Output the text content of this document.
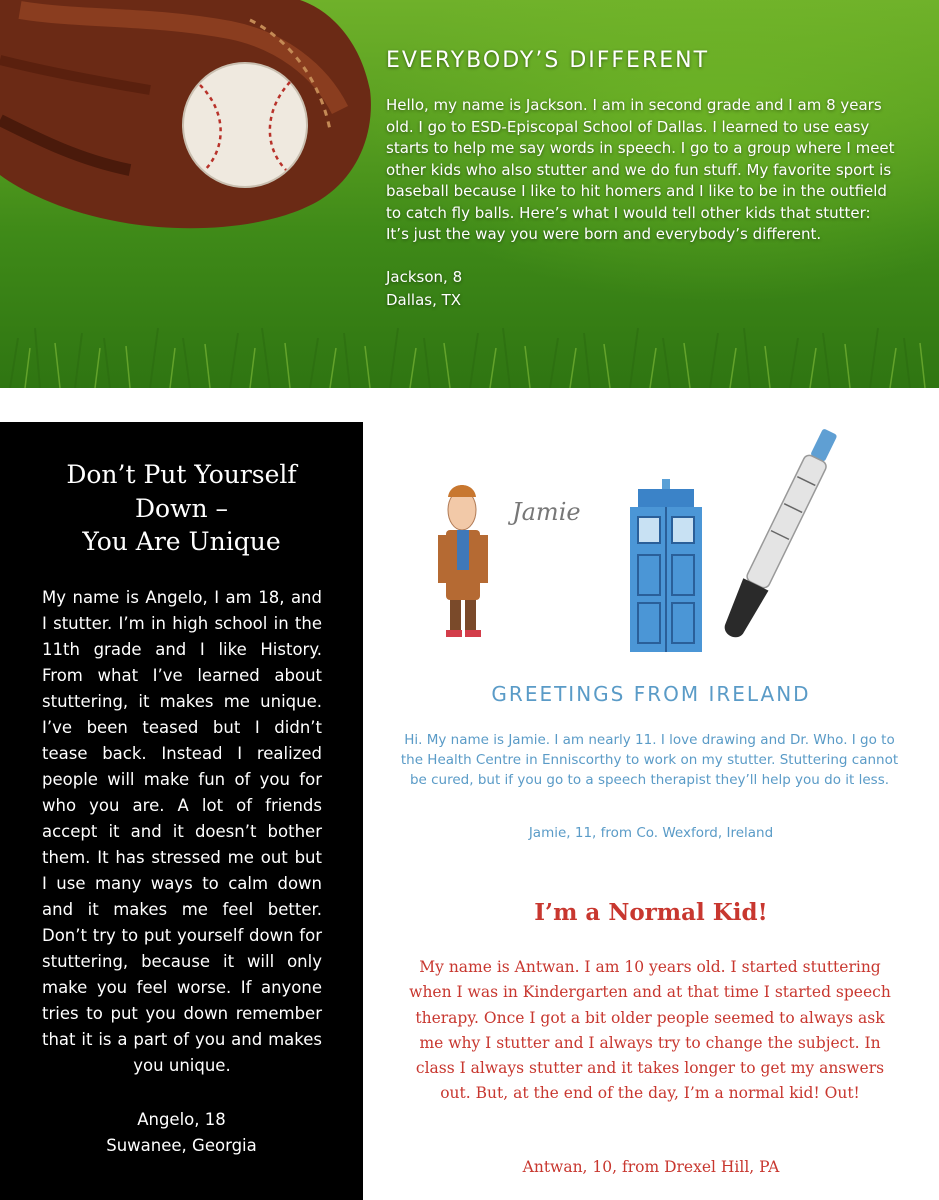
EVERYBODY’S DIFFERENT

Hello, my name is Jackson. I am in second grade and I am 8 years old. I go to ESD-Episcopal School of Dallas. I learned to use easy starts to help me say words in speech. I go to a group where I meet other kids who also stutter and we do fun stuff. My favorite sport is baseball because I like to hit homers and I like to be in the outfield to catch fly balls. Here’s what I would tell other kids that stutter: It’s just the way you were born and everybody’s different.

Jackson, 8
Dallas, TX
Don’t Put Yourself
Down –
You Are Unique

My name is Angelo, I am 18, and I stutter. I’m in high school in the 11th grade and I like History. From what I’ve learned about stuttering, it makes me unique. I’ve been teased but I didn’t tease back. Instead I realized people will make fun of you for who you are. A lot of friends accept it and it doesn’t bother them. It has stressed me out but I use many ways to calm down and it makes me feel better. Don’t try to put yourself down for stuttering, because it will only make you feel worse. If anyone tries to put you down remember that it is a part of you and makes you unique.

Angelo, 18
Suwanee, Georgia
Jamie
GREETINGS FROM IRELAND

Hi. My name is Jamie. I am nearly 11. I love drawing and Dr. Who. I go to the Health Centre in Enniscorthy to work on my stutter. Stuttering cannot be cured, but if you go to a speech therapist they’ll help you do it less.

Jamie, 11, from Co. Wexford, Ireland

I’m a Normal Kid!

My name is Antwan. I am 10 years old. I started stuttering when I was in Kindergarten and at that time I started speech therapy. Once I got a bit older people seemed to always ask me why I stutter and I always try to change the subject. In class I always stutter and it takes longer to get my answers out. But, at the end of the day, I’m a normal kid! Out!

Antwan, 10, from Drexel Hill, PA
